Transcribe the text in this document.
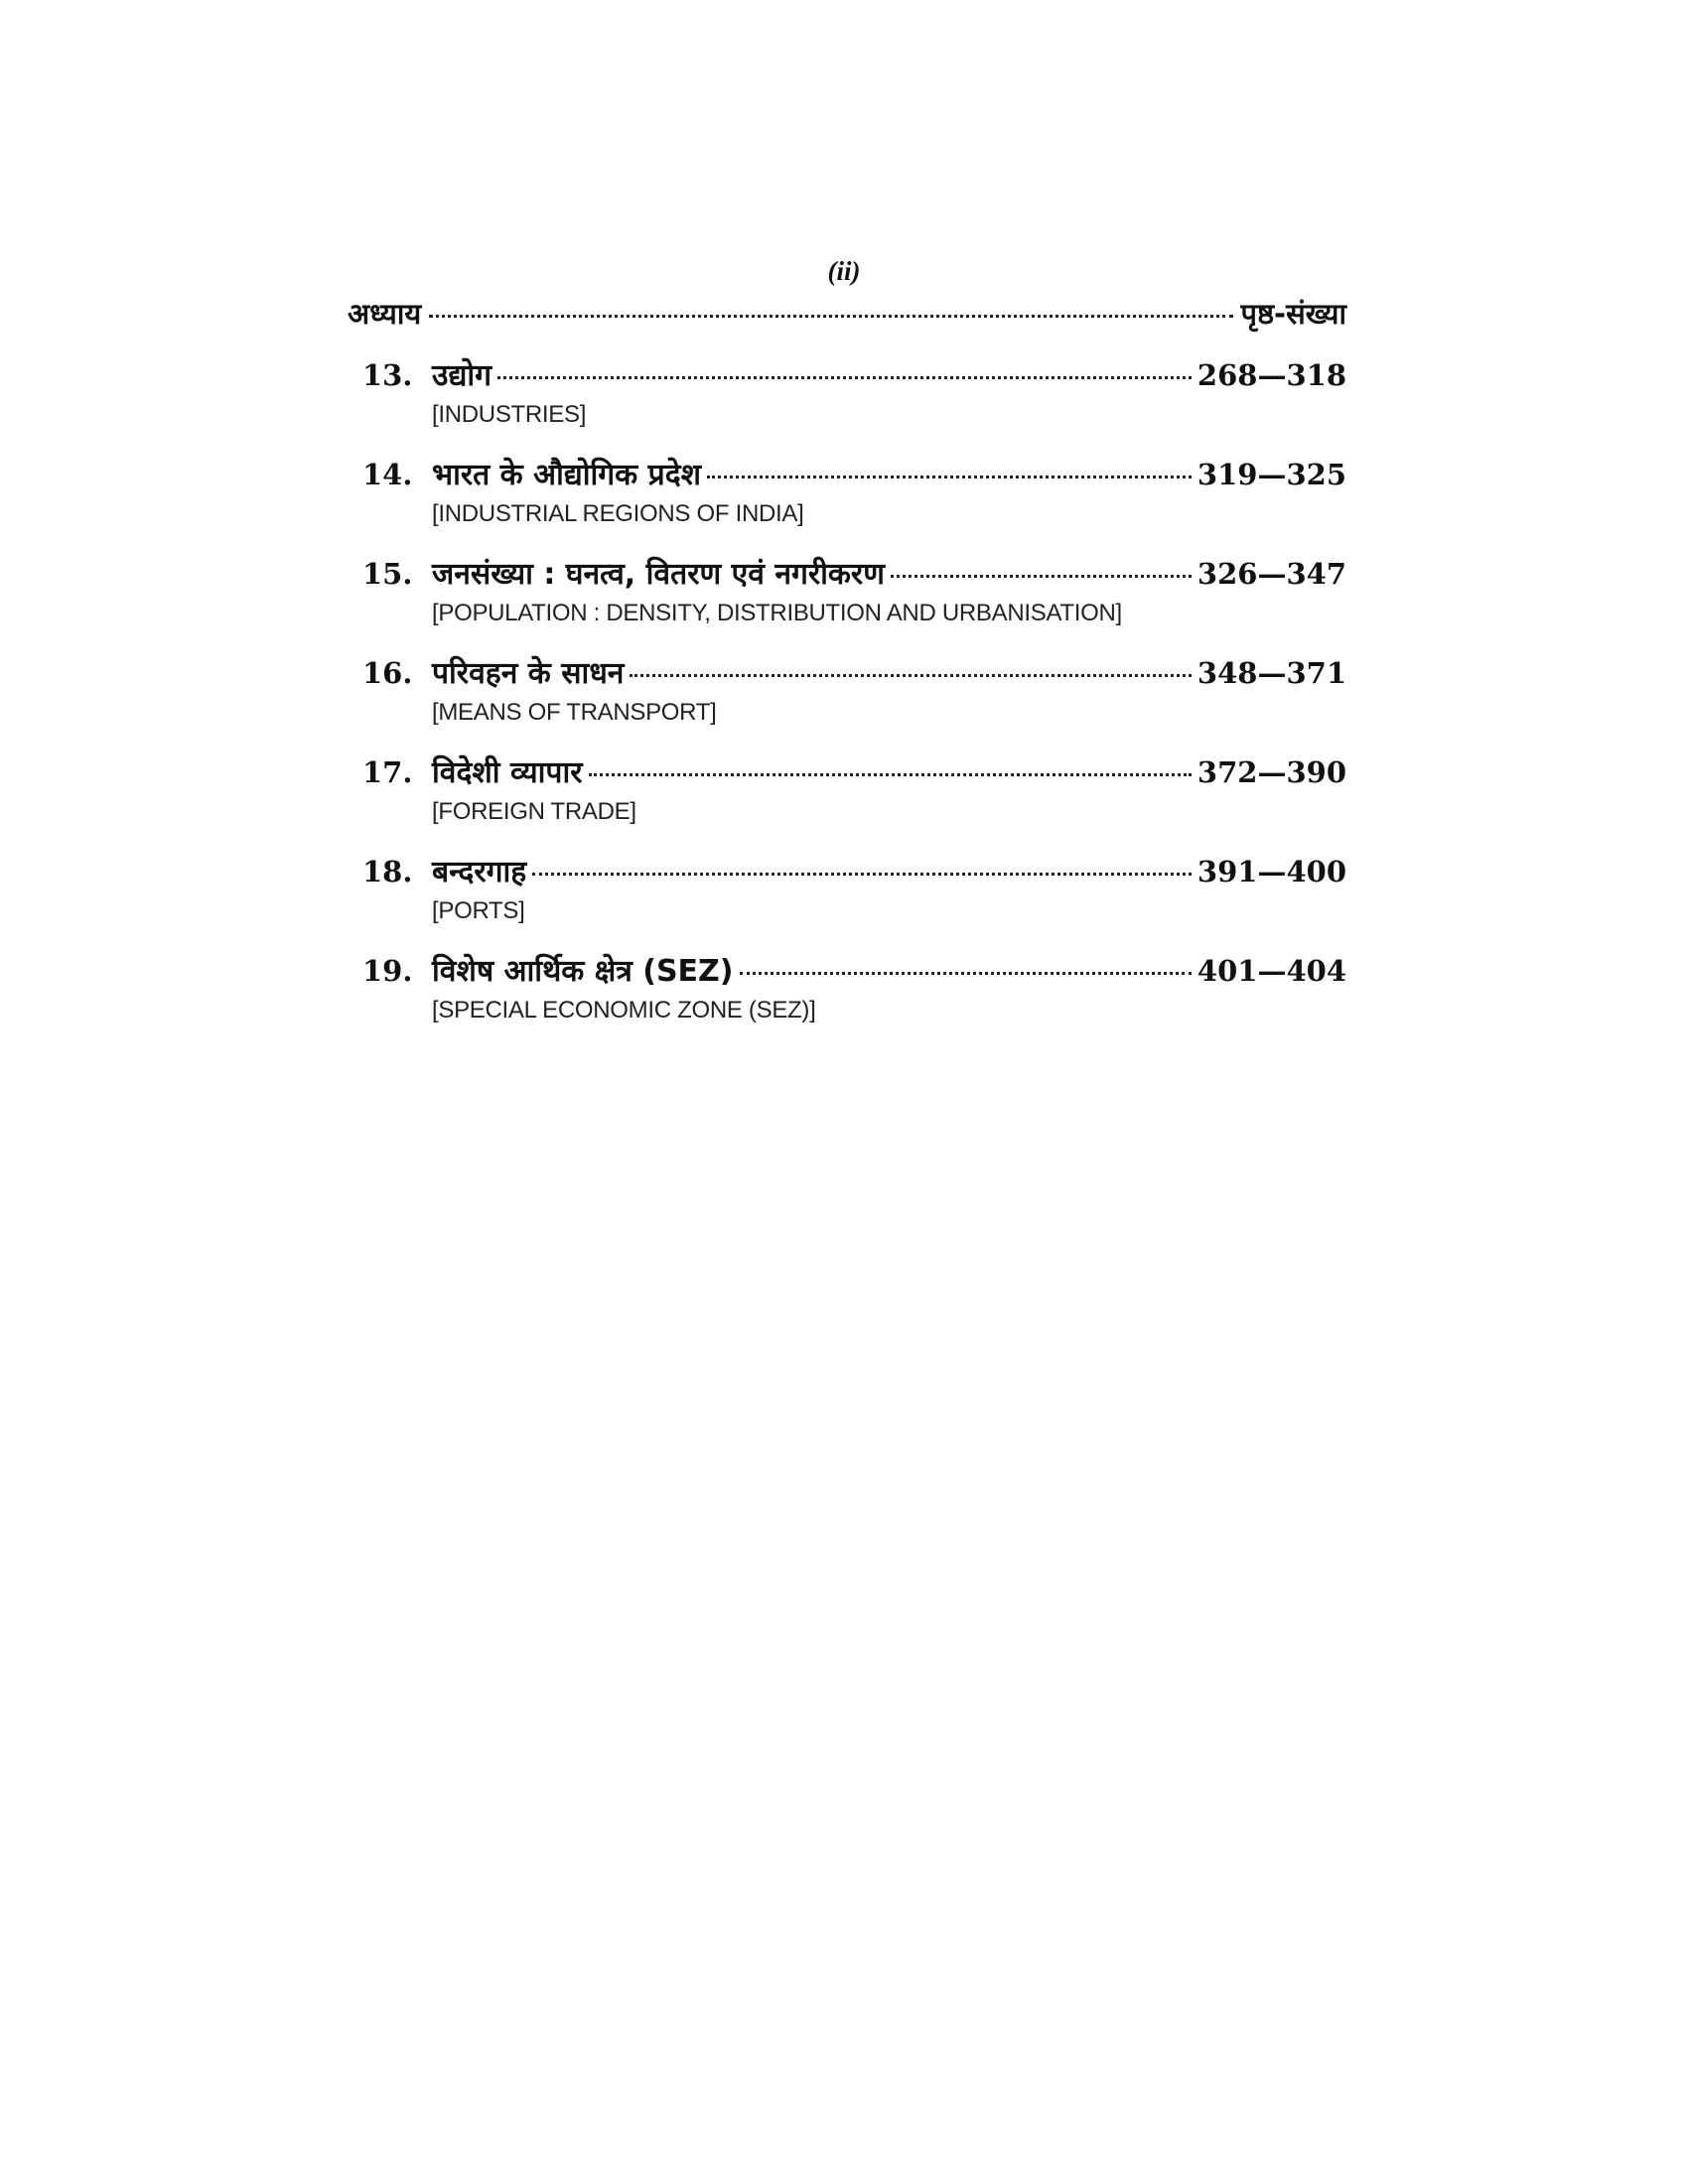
(ii)
अध्याय	पृष्ठ-संख्या
13. उद्योग	268—318
[INDUSTRIES]
14. भारत के औद्योगिक प्रदेश	319—325
[INDUSTRIAL REGIONS OF INDIA]
15. जनसंख्या : घनत्व, वितरण एवं नगरीकरण	326—347
[POPULATION : DENSITY, DISTRIBUTION AND URBANISATION]
16. परिवहन के साधन	348—371
[MEANS OF TRANSPORT]
17. विदेशी व्यापार	372—390
[FOREIGN TRADE]
18. बन्दरगाह	391—400
[PORTS]
19. विशेष आर्थिक क्षेत्र (SEZ)	401—404
[SPECIAL ECONOMIC ZONE (SEZ)]
